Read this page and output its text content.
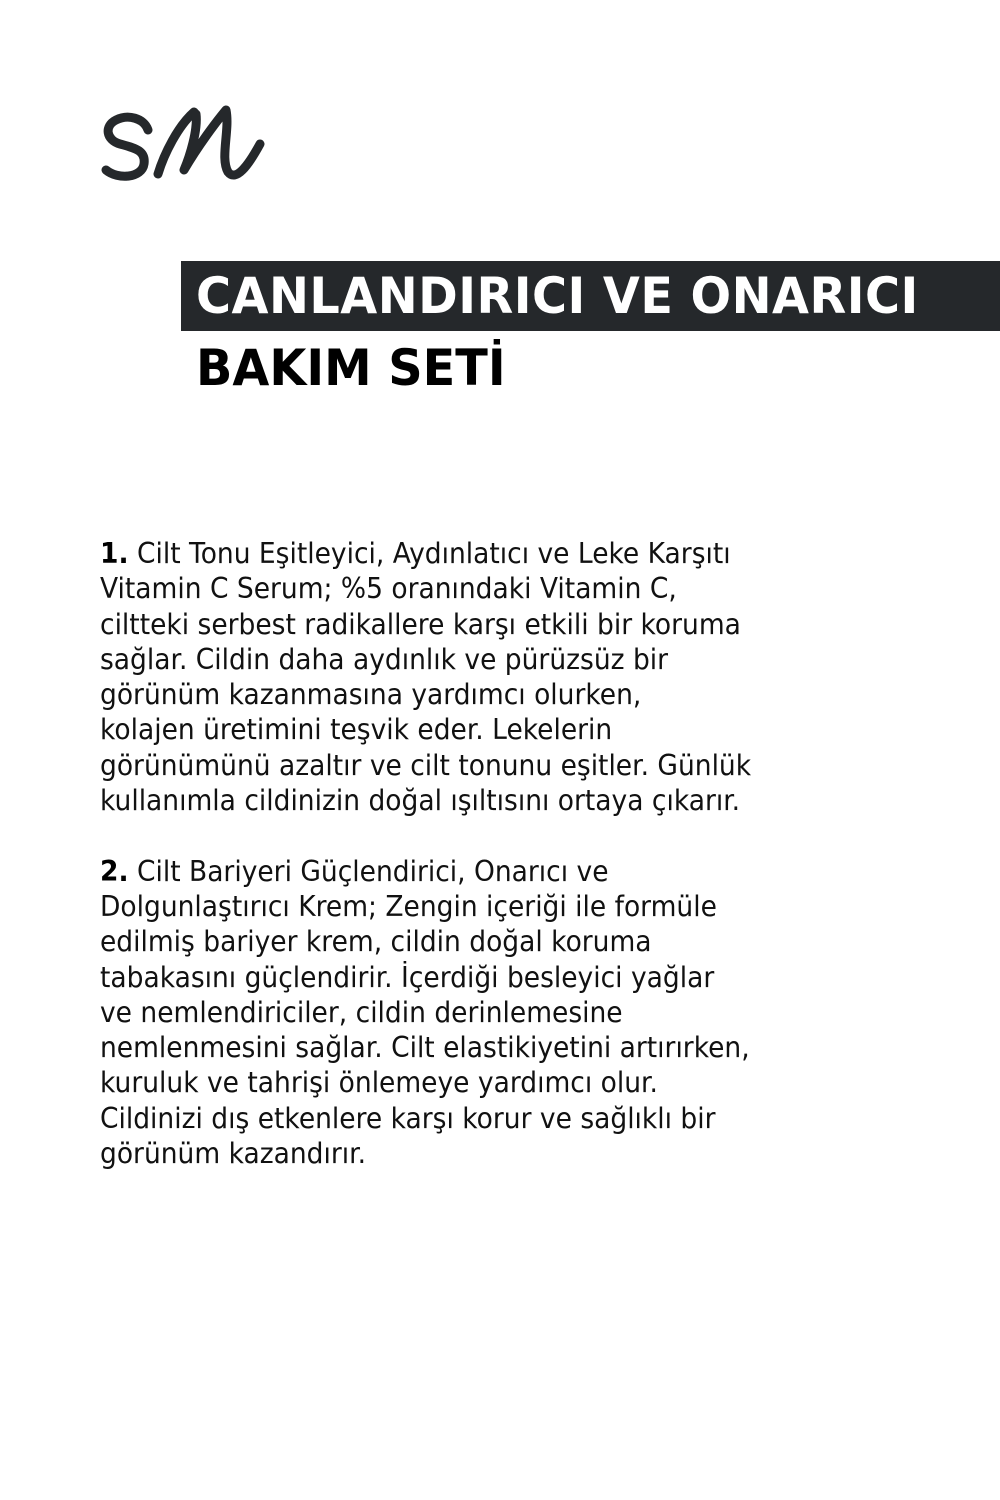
CANLANDIRICI VE ONARICI
BAKIM SETİ
1. Cilt Tonu Eşitleyici, Aydınlatıcı ve Leke Karşıtı
Vitamin C Serum; %5 oranındaki Vitamin C,
ciltteki serbest radikallere karşı etkili bir koruma
sağlar. Cildin daha aydınlık ve pürüzsüz bir
görünüm kazanmasına yardımcı olurken,
kolajen üretimini teşvik eder. Lekelerin
görünümünü azaltır ve cilt tonunu eşitler. Günlük
kullanımla cildinizin doğal ışıltısını ortaya çıkarır.
2. Cilt Bariyeri Güçlendirici, Onarıcı ve
Dolgunlaştırıcı Krem; Zengin içeriği ile formüle
edilmiş bariyer krem, cildin doğal koruma
tabakasını güçlendirir. İçerdiği besleyici yağlar
ve nemlendiriciler, cildin derinlemesine
nemlenmesini sağlar. Cilt elastikiyetini artırırken,
kuruluk ve tahrişi önlemeye yardımcı olur.
Cildinizi dış etkenlere karşı korur ve sağlıklı bir
görünüm kazandırır.
